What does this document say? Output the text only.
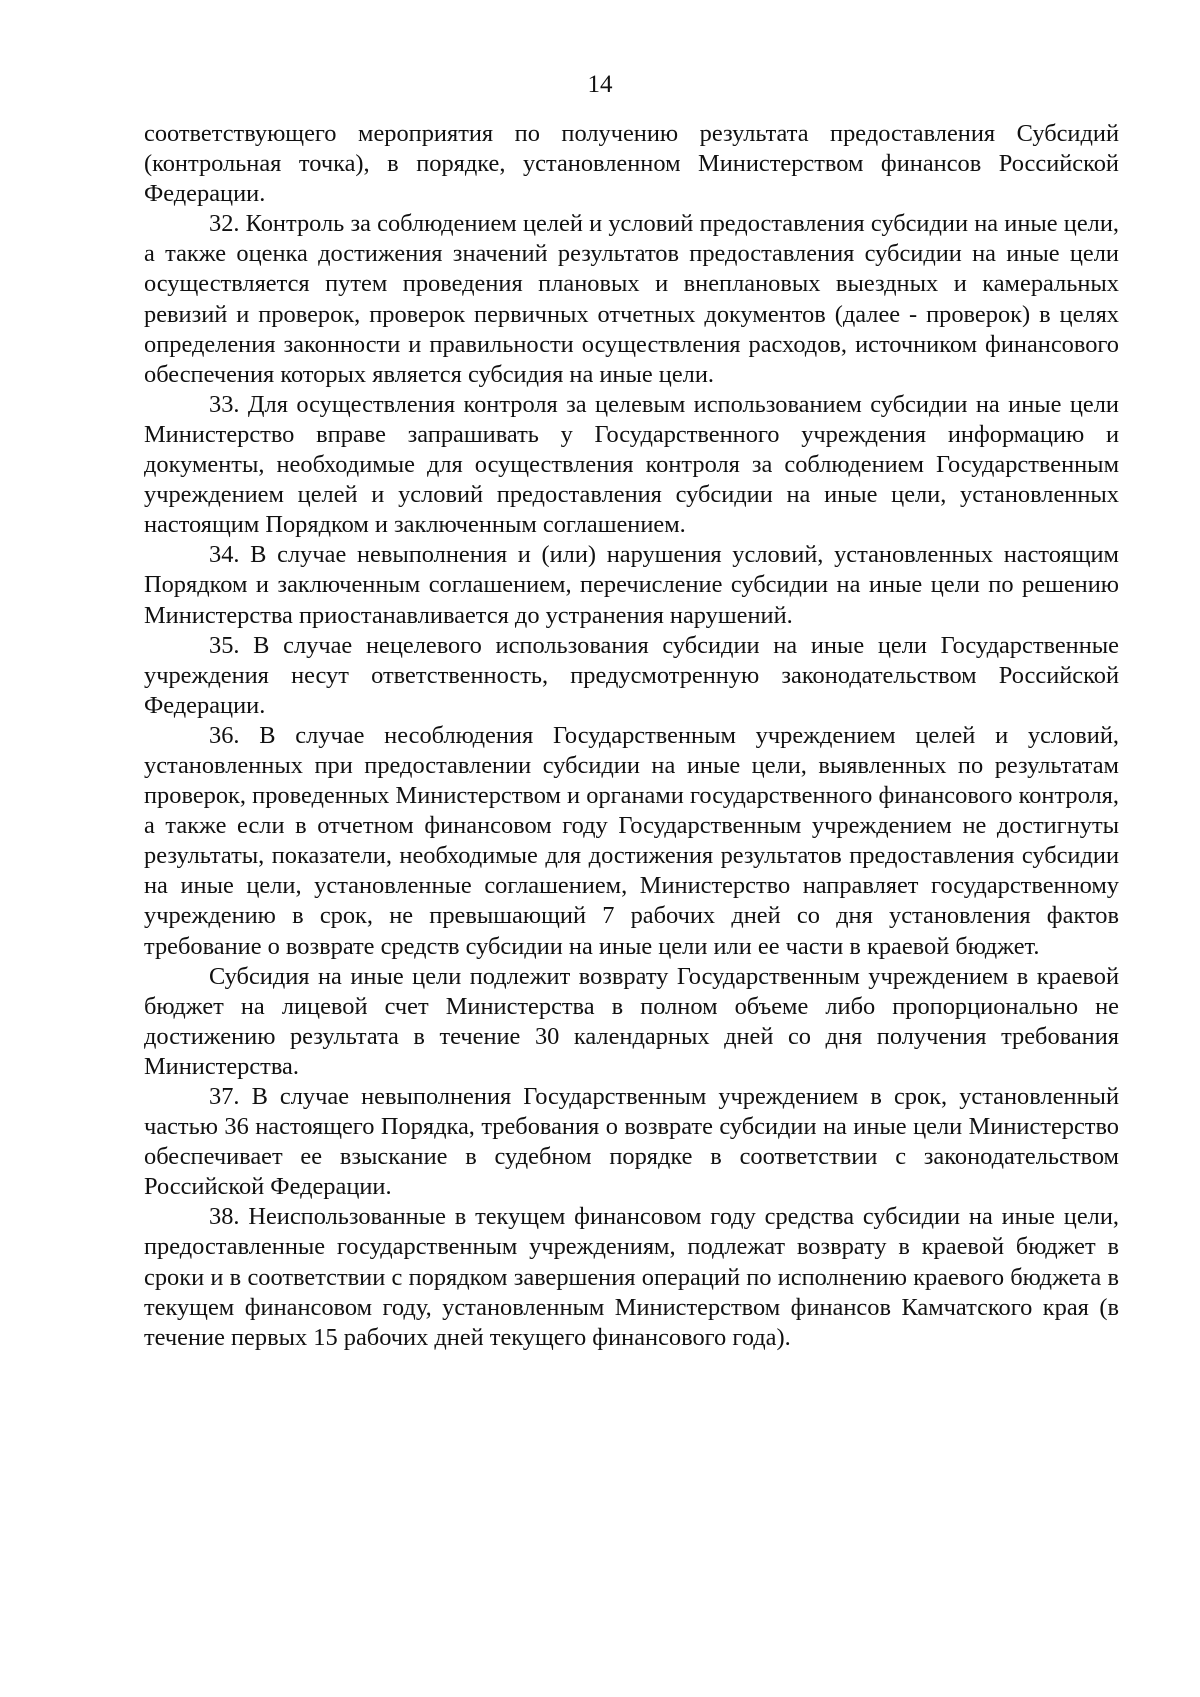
14

соответствующего мероприятия по получению результата предоставления Субсидий (контрольная точка), в порядке, установленном Министерством финансов Российской Федерации.

32. Контроль за соблюдением целей и условий предоставления субсидии на иные цели, а также оценка достижения значений результатов предоставления субсидии на иные цели осуществляется путем проведения плановых и внеплановых выездных и камеральных ревизий и проверок, проверок первичных отчетных документов (далее - проверок) в целях определения законности и правильности осуществления расходов, источником финансового обеспечения которых является субсидия на иные цели.

33. Для осуществления контроля за целевым использованием субсидии на иные цели Министерство вправе запрашивать у Государственного учреждения информацию и документы, необходимые для осуществления контроля за соблюдением Государственным учреждением целей и условий предоставления субсидии на иные цели, установленных настоящим Порядком и заключенным соглашением.

34. В случае невыполнения и (или) нарушения условий, установленных настоящим Порядком и заключенным соглашением, перечисление субсидии на иные цели по решению Министерства приостанавливается до устранения нарушений.

35. В случае нецелевого использования субсидии на иные цели Государственные учреждения несут ответственность, предусмотренную законодательством Российской Федерации.

36. В случае несоблюдения Государственным учреждением целей и условий, установленных при предоставлении субсидии на иные цели, выявленных по результатам проверок, проведенных Министерством и органами государственного финансового контроля, а также если в отчетном финансовом году Государственным учреждением не достигнуты результаты, показатели, необходимые для достижения результатов предоставления субсидии на иные цели, установленные соглашением, Министерство направляет государственному учреждению в срок, не превышающий 7 рабочих дней со дня установления фактов требование о возврате средств субсидии на иные цели или ее части в краевой бюджет.

Субсидия на иные цели подлежит возврату Государственным учреждением в краевой бюджет на лицевой счет Министерства в полном объеме либо пропорционально не достижению результата в течение 30 календарных дней со дня получения требования Министерства.

37. В случае невыполнения Государственным учреждением в срок, установленный частью 36 настоящего Порядка, требования о возврате субсидии на иные цели Министерство обеспечивает ее взыскание в судебном порядке в соответствии с законодательством Российской Федерации.

38. Неиспользованные в текущем финансовом году средства субсидии на иные цели, предоставленные государственным учреждениям, подлежат возврату в краевой бюджет в сроки и в соответствии с порядком завершения операций по исполнению краевого бюджета в текущем финансовом году, установленным Министерством финансов Камчатского края (в течение первых 15 рабочих дней текущего финансового года).
